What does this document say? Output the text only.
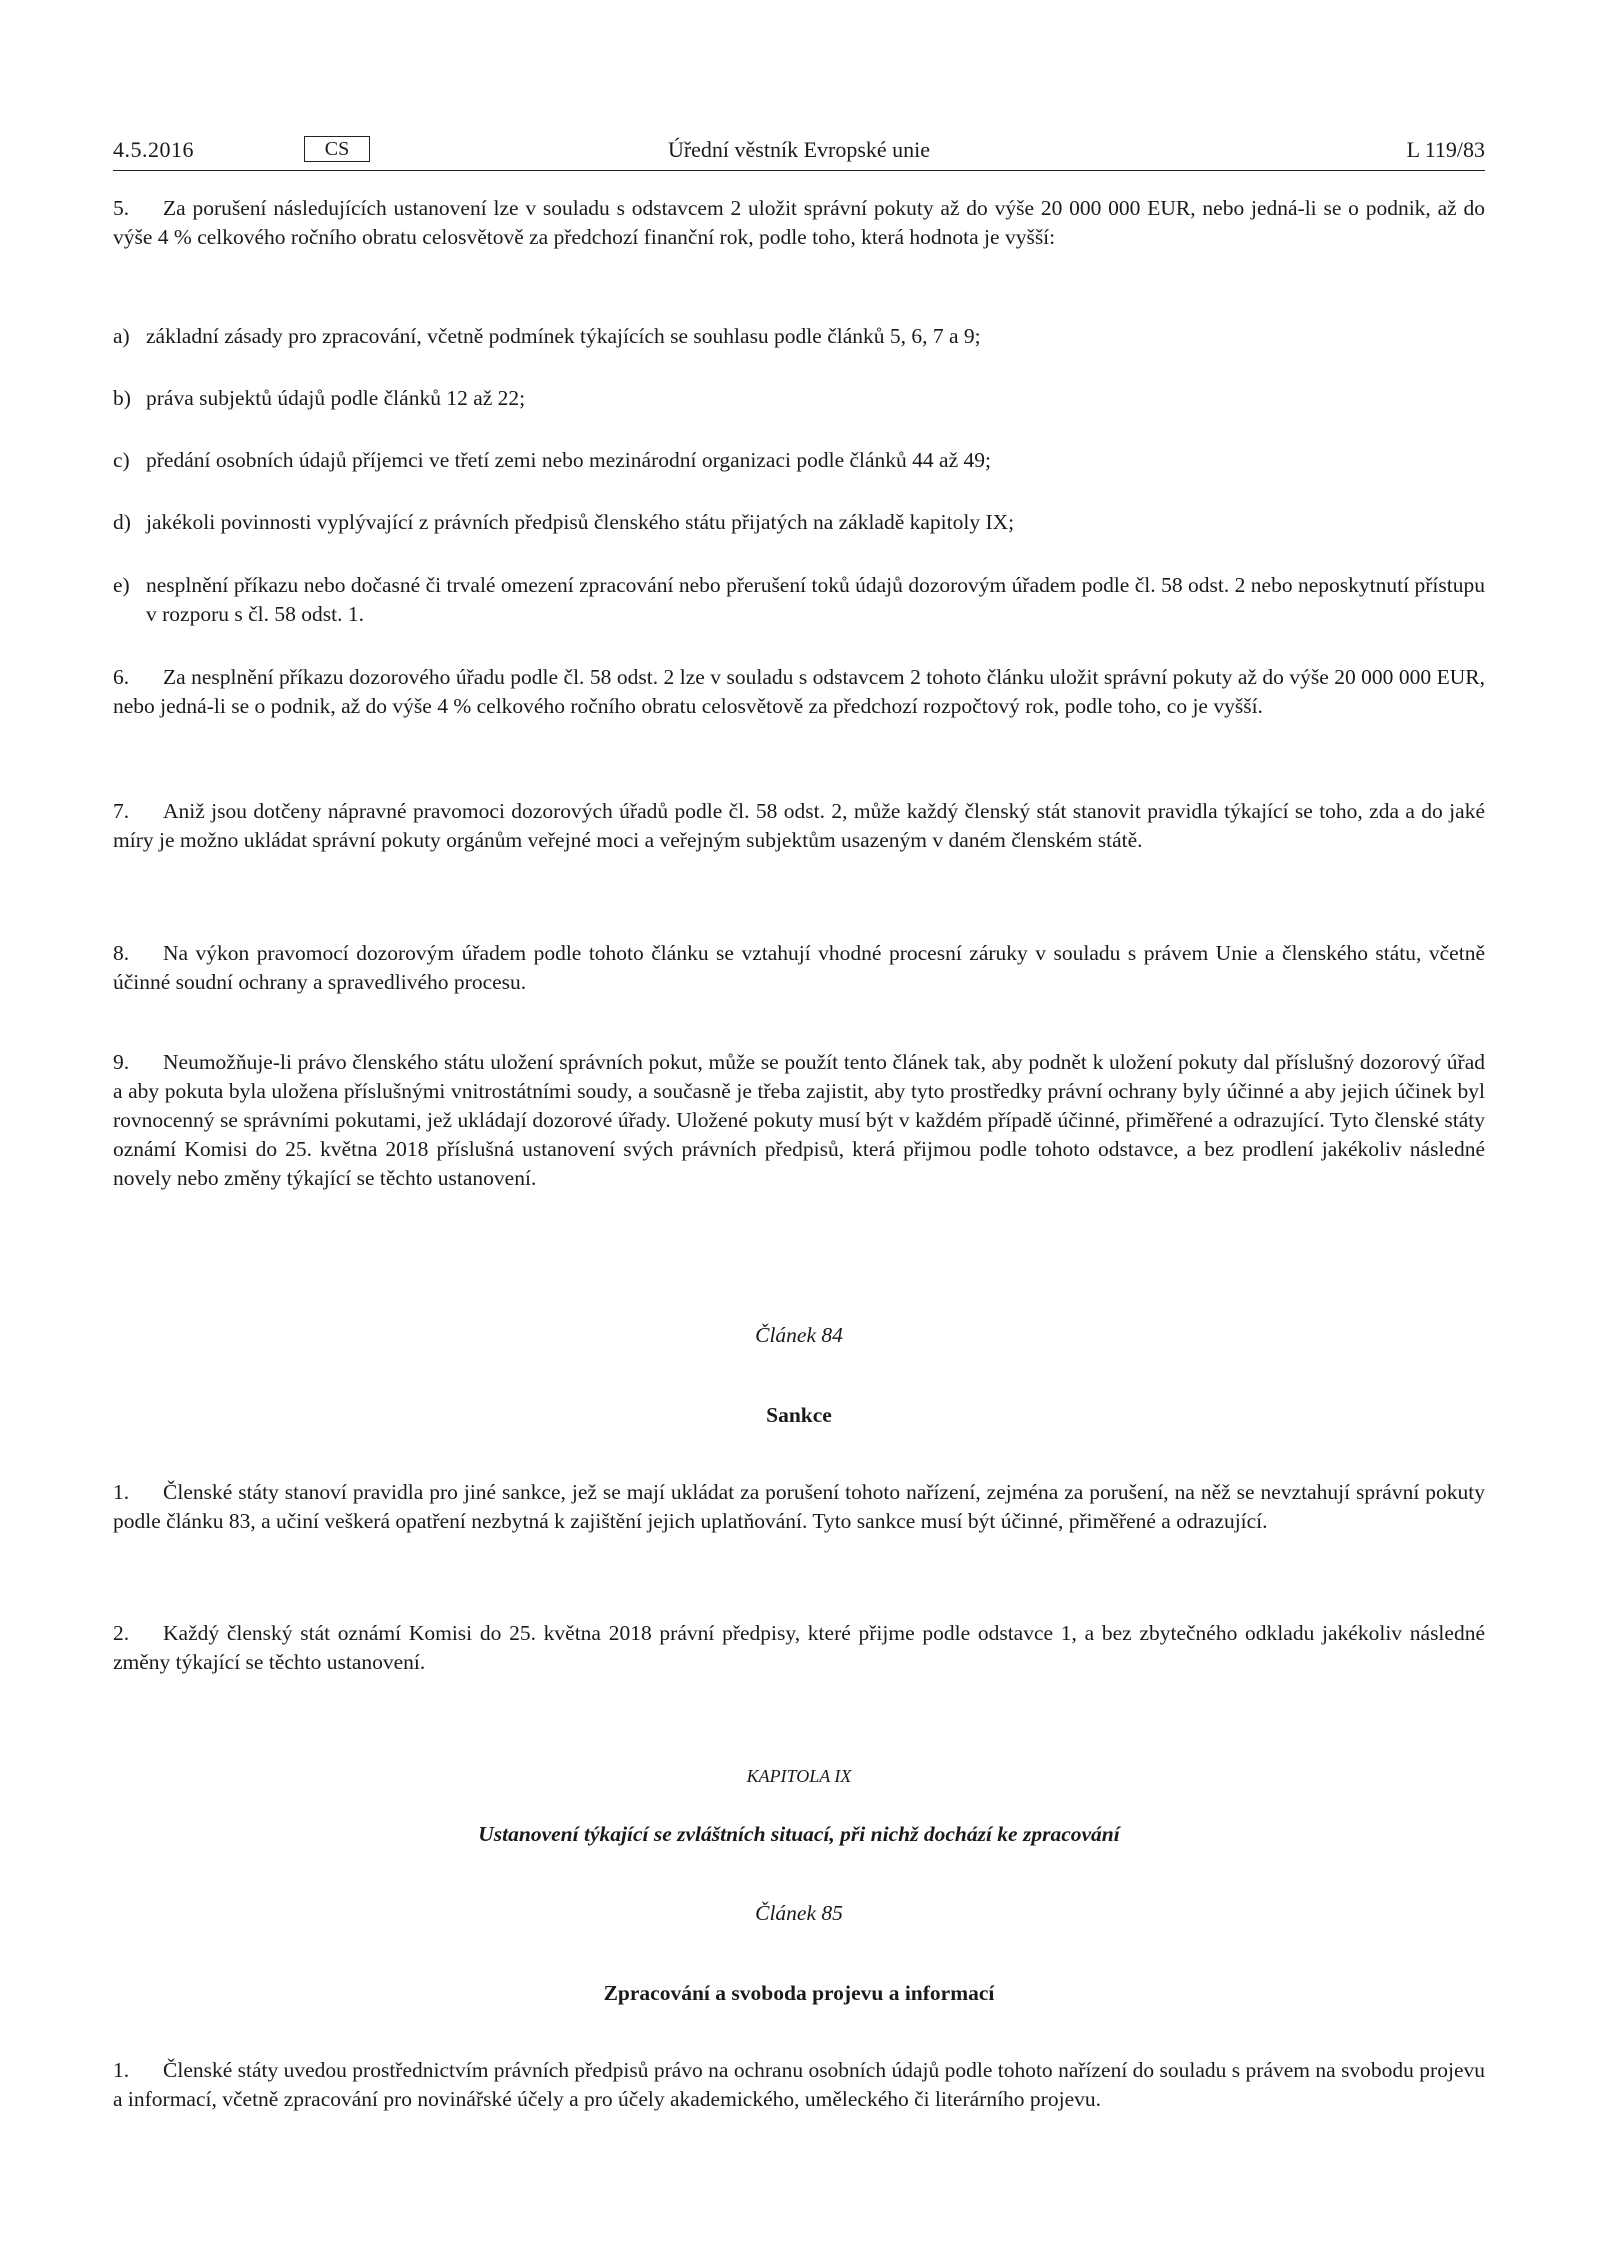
4.5.2016	CS	Úřední věstník Evropské unie	L 119/83
5. Za porušení následujících ustanovení lze v souladu s odstavcem 2 uložit správní pokuty až do výše 20 000 000 EUR, nebo jedná-li se o podnik, až do výše 4 % celkového ročního obratu celosvětově za předchozí finanční rok, podle toho, která hodnota je vyšší:
a) základní zásady pro zpracování, včetně podmínek týkajících se souhlasu podle článků 5, 6, 7 a 9;
b) práva subjektů údajů podle článků 12 až 22;
c) předání osobních údajů příjemci ve třetí zemi nebo mezinárodní organizaci podle článků 44 až 49;
d) jakékoli povinnosti vyplývající z právních předpisů členského státu přijatých na základě kapitoly IX;
e) nesplnění příkazu nebo dočasné či trvalé omezení zpracování nebo přerušení toků údajů dozorovým úřadem podle čl. 58 odst. 2 nebo neposkytnutí přístupu v rozporu s čl. 58 odst. 1.
6. Za nesplnění příkazu dozorového úřadu podle čl. 58 odst. 2 lze v souladu s odstavcem 2 tohoto článku uložit správní pokuty až do výše 20 000 000 EUR, nebo jedná-li se o podnik, až do výše 4 % celkového ročního obratu celosvětově za předchozí rozpočtový rok, podle toho, co je vyšší.
7. Aniž jsou dotčeny nápravné pravomoci dozorových úřadů podle čl. 58 odst. 2, může každý členský stát stanovit pravidla týkající se toho, zda a do jaké míry je možno ukládat správní pokuty orgánům veřejné moci a veřejným subjektům usazeným v daném členském státě.
8. Na výkon pravomocí dozorovým úřadem podle tohoto článku se vztahují vhodné procesní záruky v souladu s právem Unie a členského státu, včetně účinné soudní ochrany a spravedlivého procesu.
9. Neumožňuje-li právo členského státu uložení správních pokut, může se použít tento článek tak, aby podnět k uložení pokuty dal příslušný dozorový úřad a aby pokuta byla uložena příslušnými vnitrostátními soudy, a současně je třeba zajistit, aby tyto prostředky právní ochrany byly účinné a aby jejich účinek byl rovnocenný se správními pokutami, jež ukládají dozorové úřady. Uložené pokuty musí být v každém případě účinné, přiměřené a odrazující. Tyto členské státy oznámí Komisi do 25. května 2018 příslušná ustanovení svých právních předpisů, která přijmou podle tohoto odstavce, a bez prodlení jakékoliv následné novely nebo změny týkající se těchto ustanovení.
Článek 84
Sankce
1. Členské státy stanoví pravidla pro jiné sankce, jež se mají ukládat za porušení tohoto nařízení, zejména za porušení, na něž se nevztahují správní pokuty podle článku 83, a učiní veškerá opatření nezbytná k zajištění jejich uplatňování. Tyto sankce musí být účinné, přiměřené a odrazující.
2. Každý členský stát oznámí Komisi do 25. května 2018 právní předpisy, které přijme podle odstavce 1, a bez zbytečného odkladu jakékoliv následné změny týkající se těchto ustanovení.
KAPITOLA IX
Ustanovení týkající se zvláštních situací, při nichž dochází ke zpracování
Článek 85
Zpracování a svoboda projevu a informací
1. Členské státy uvedou prostřednictvím právních předpisů právo na ochranu osobních údajů podle tohoto nařízení do souladu s právem na svobodu projevu a informací, včetně zpracování pro novinářské účely a pro účely akademického, uměleckého či literárního projevu.
